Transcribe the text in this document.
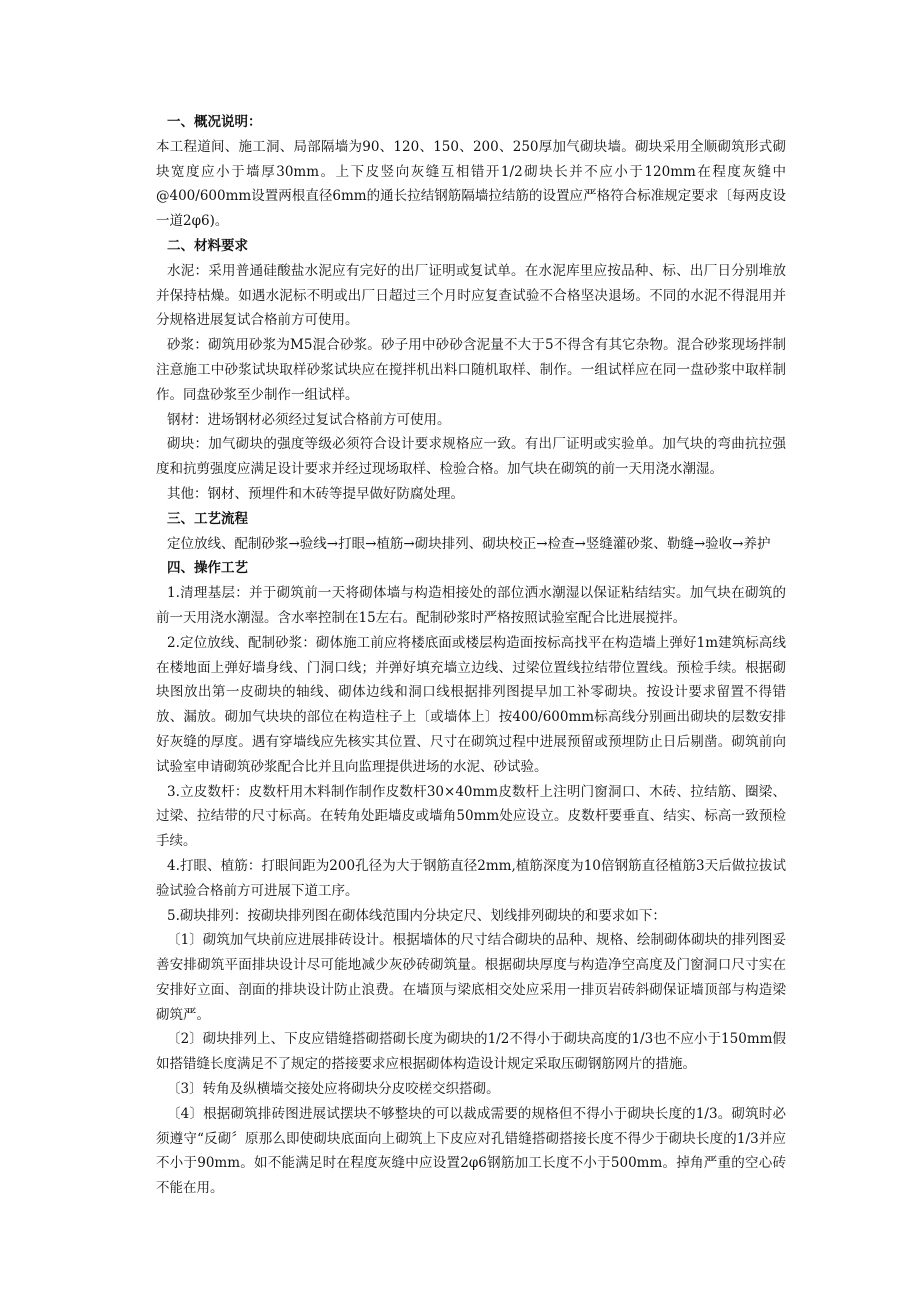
一、概况说明：

本工程道间、施工洞、局部隔墙为90、120、150、200、250厚加气砌块墙。砌块采用全顺砌筑形式砌块宽度应小于墙厚30mm。上下皮竖向灰缝互相错开1/2砌块长并不应小于120mm在程度灰缝中@400/600mm设置两根直径6mm的通长拉结钢筋隔墙拉结筋的设置应严格符合标准规定要求〔每两皮设一道2φ6)。

二、材料要求

水泥：采用普通硅酸盐水泥应有完好的出厂证明或复试单。在水泥库里应按品种、标、出厂日分别堆放并保持枯燥。如遇水泥标不明或出厂日超过三个月时应复查试验不合格坚决退场。不同的水泥不得混用并分规格进展复试合格前方可使用。

砂浆：砌筑用砂浆为M5混合砂浆。砂子用中砂砂含泥量不大于5不得含有其它杂物。混合砂浆现场拌制注意施工中砂浆试块取样砂浆试块应在搅拌机出料口随机取样、制作。一组试样应在同一盘砂浆中取样制作。同盘砂浆至少制作一组试样。

钢材：进场钢材必须经过复试合格前方可使用。

砌块：加气砌块的强度等级必须符合设计要求规格应一致。有出厂证明或实验单。加气块的弯曲抗拉强度和抗剪强度应满足设计要求并经过现场取样、检验合格。加气块在砌筑的前一天用浇水潮湿。

其他：钢材、预埋件和木砖等提早做好防腐处理。

三、工艺流程

定位放线、配制砂浆→验线→打眼→植筋→砌块排列、砌块校正→检查→竖缝灌砂浆、勒缝→验收→养护

四、操作工艺

1.清理基层：并于砌筑前一天将砌体墙与构造相接处的部位洒水潮湿以保证粘结结实。加气块在砌筑的前一天用浇水潮湿。含水率控制在15左右。配制砂浆时严格按照试验室配合比进展搅拌。

2.定位放线、配制砂浆：砌体施工前应将楼底面或楼层构造面按标高找平在构造墙上弹好1m建筑标高线在楼地面上弹好墙身线、门洞口线；并弹好填充墙立边线、过梁位置线拉结带位置线。预检手续。根据砌块图放出第一皮砌块的轴线、砌体边线和洞口线根据排列图提早加工补零砌块。按设计要求留置不得错放、漏放。砌加气块块的部位在构造柱子上〔或墙体上〕按400/600mm标高线分别画出砌块的层数安排好灰缝的厚度。遇有穿墙线应先核实其位置、尺寸在砌筑过程中进展预留或预埋防止日后剔凿。砌筑前向试验室申请砌筑砂浆配合比并且向监理提供进场的水泥、砂试验。

3.立皮数杆：皮数杆用木料制作制作皮数杆30×40mm皮数杆上注明门窗洞口、木砖、拉结筋、圈梁、过梁、拉结带的尺寸标高。在转角处距墙皮或墙角50mm处应设立。皮数杆要垂直、结实、标高一致预检手续。

4.打眼、植筋：打眼间距为200孔径为大于钢筋直径2mm,植筋深度为10倍钢筋直径植筋3天后做拉拔试验试验合格前方可进展下道工序。

5.砌块排列：按砌块排列图在砌体线范围内分块定尺、划线排列砌块的和要求如下：

〔1〕砌筑加气块前应进展排砖设计。根据墙体的尺寸结合砌块的品种、规格、绘制砌体砌块的排列图妥善安排砌筑平面排块设计尽可能地减少灰砂砖砌筑量。根据砌块厚度与构造净空高度及门窗洞口尺寸实在安排好立面、剖面的排块设计防止浪费。在墙顶与梁底相交处应采用一排页岩砖斜砌保证墙顶部与构造梁砌筑严。

〔2〕砌块排列上、下皮应错缝搭砌搭砌长度为砌块的1/2不得小于砌块高度的1/3也不应小于150mm假如搭错缝长度满足不了规定的搭接要求应根据砌体构造设计规定采取压砌钢筋网片的措施。

〔3〕转角及纵横墙交接处应将砌块分皮咬槎交织搭砌。

〔4〕根据砌筑排砖图进展试摆块不够整块的可以裁成需要的规格但不得小于砌块长度的1/3。砌筑时必须遵守“反砌〞原那么即使砌块底面向上砌筑上下皮应对孔错缝搭砌搭接长度不得少于砌块长度的1/3并应不小于90mm。如不能满足时在程度灰缝中应设置2φ6钢筋加工长度不小于500mm。掉角严重的空心砖不能在用。
